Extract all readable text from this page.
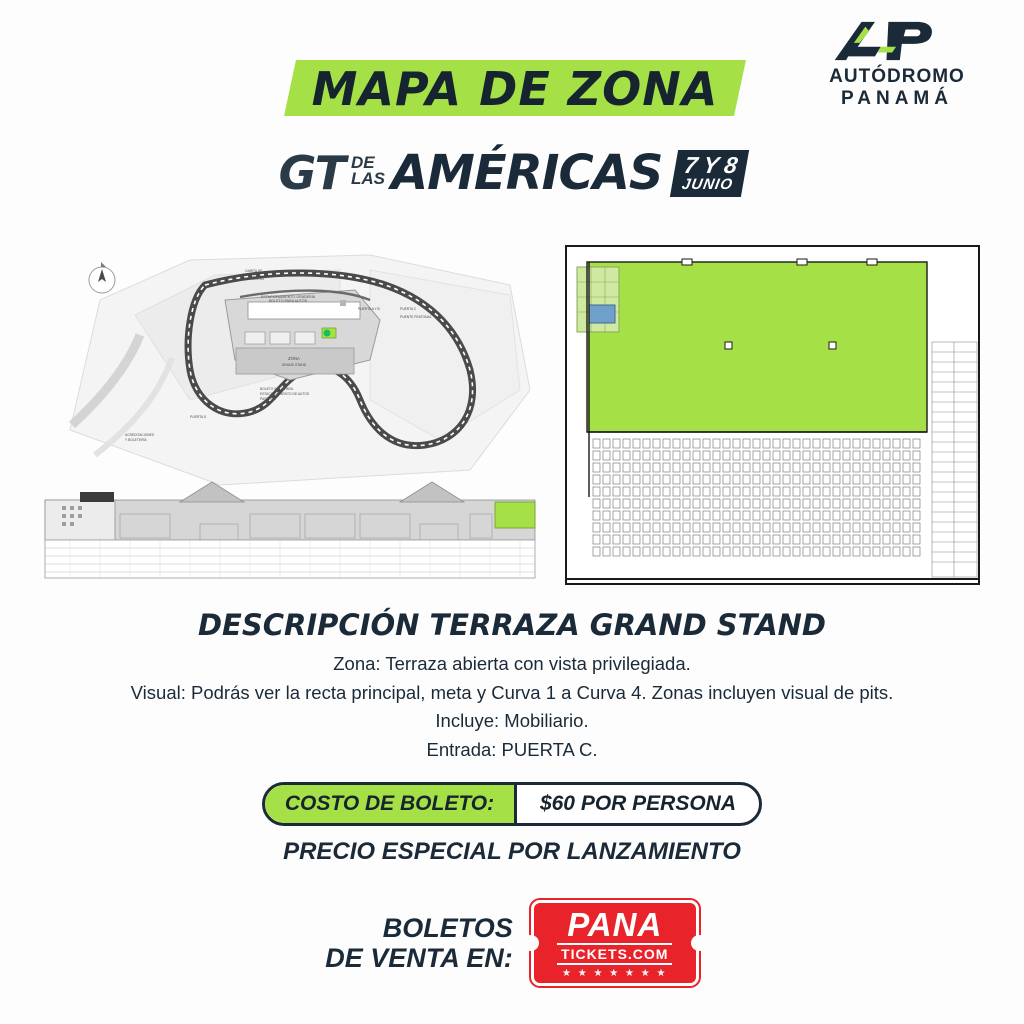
AUTÓDROMO
PANAMÁ
MAPA DE ZONA
GT DE
LAS AMÉRICAS 7 Y 8
JUNIO
GARITA DE
CONTROL
DE ACCESO
ESTACIONAMIENTO GRADERÍA
BOLETO PARA AUTOS
PUERTA A Y B	PUERTA C
PUENTE PEATONAL
ZONA
GRAND STAND
BOLETO SOLO PARA
ESTACIONAMIENTO DE AUTOS
PASEROS
PUERTA D
ACREDITACIONES
Y BOLETERÍA
DESCRIPCIÓN TERRAZA GRAND STAND

Zona: Terraza abierta con vista privilegiada.

Visual: Podrás ver la recta principal, meta y Curva 1 a Curva 4. Zonas incluyen visual de pits.

Incluye: Mobiliario.

Entrada: PUERTA C.

COSTO DE BOLETO:	$60 POR PERSONA
PRECIO ESPECIAL POR LANZAMIENTO
BOLETOS
DE VENTA EN:
PANA
TICKETS.COM
★ ★ ★ ★ ★ ★ ★
